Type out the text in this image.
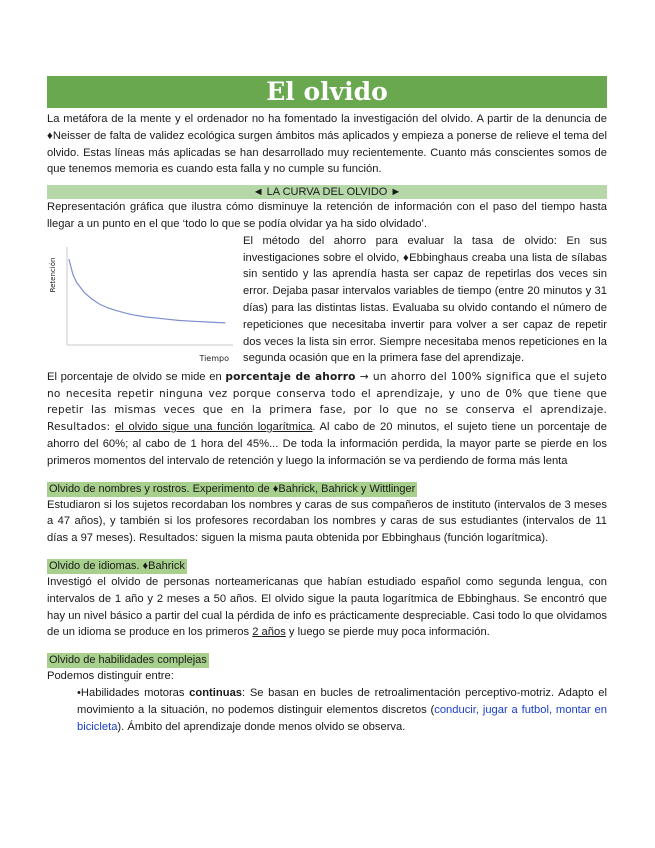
El olvido

La metáfora de la mente y el ordenador no ha fomentado la investigación del olvido. A partir de la denuncia de ♦Neisser de falta de validez ecológica surgen ámbitos más aplicados y empieza a ponerse de relieve el tema del olvido. Estas líneas más aplicadas se han desarrollado muy recientemente. Cuanto más conscientes somos de que tenemos memoria es cuando esta falla y no cumple su función.

◄ LA CURVA DEL OLVIDO ►

Representación gráfica que ilustra cómo disminuye la retención de información con el paso del tiempo hasta llegar a un punto en el que ‘todo lo que se podía olvidar ya ha sido olvidado’.

Retención
Tiempo

El método del ahorro para evaluar la tasa de olvido: En sus investigaciones sobre el olvido, ♦Ebbinghaus creaba una lista de sílabas sin sentido y las aprendía hasta ser capaz de repetirlas dos veces sin error. Dejaba pasar intervalos variables de tiempo (entre 20 minutos y 31 días) para las distintas listas. Evaluaba su olvido contando el número de repeticiones que necesitaba invertir para volver a ser capaz de repetir dos veces la lista sin error. Siempre necesitaba menos repeticiones en la segunda ocasión que en la primera fase del aprendizaje.

El porcentaje de olvido se mide en porcentaje de ahorro → un ahorro del 100% significa que el sujeto no necesita repetir ninguna vez porque conserva todo el aprendizaje, y uno de 0% que tiene que repetir las mismas veces que en la primera fase, por lo que no se conserva el aprendizaje. Resultados: el olvido sigue una función logarítmica. Al cabo de 20 minutos, el sujeto tiene un porcentaje de ahorro del 60%; al cabo de 1 hora del 45%... De toda la información perdida, la mayor parte se pierde en los primeros momentos del intervalo de retención y luego la información se va perdiendo de forma más lenta

Olvido de nombres y rostros. Experimento de ♦Bahrick, Bahrick y Wittlinger

Estudiaron si los sujetos recordaban los nombres y caras de sus compañeros de instituto (intervalos de 3 meses a 47 años), y también si los profesores recordaban los nombres y caras de sus estudiantes (intervalos de 11 días a 97 meses). Resultados: siguen la misma pauta obtenida por Ebbinghaus (función logarítmica).

Olvido de idiomas. ♦Bahrick

Investigó el olvido de personas norteamericanas que habían estudiado español como segunda lengua, con intervalos de 1 año y 2 meses a 50 años. El olvido sigue la pauta logarítmica de Ebbinghaus. Se encontró que hay un nivel básico a partir del cual la pérdida de info es prácticamente despreciable. Casi todo lo que olvidamos de un idioma se produce en los primeros 2 años y luego se pierde muy poca información.

Olvido de habilidades complejas

Podemos distinguir entre:

•Habilidades motoras continuas: Se basan en bucles de retroalimentación perceptivo-motriz. Adapto el movimiento a la situación, no podemos distinguir elementos discretos (conducir, jugar a futbol, montar en bicicleta). Ámbito del aprendizaje donde menos olvido se observa.
